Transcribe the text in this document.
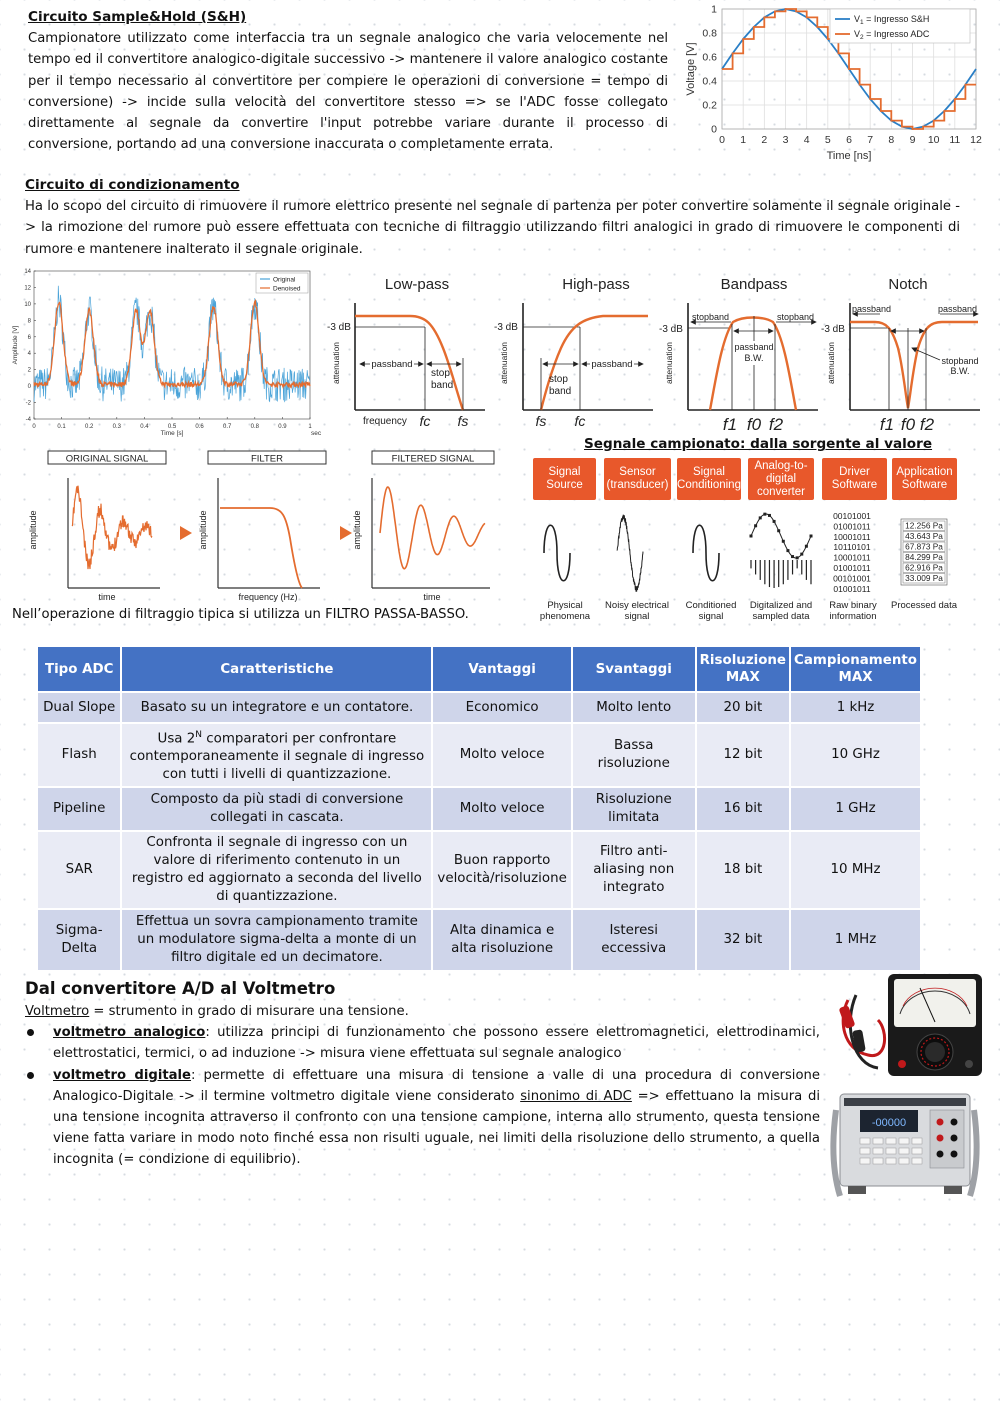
Circuito Sample&Hold (S&H)
Campionatore utilizzato come interfaccia tra un segnale analogico che varia velocemente nel tempo ed il convertitore analogico-digitale successivo -> mantenere il valore analogico costante per il tempo necessario al convertitore per compiere le operazioni di conversione = tempo di conversione) -> incide sulla velocità del convertitore stesso => se l'ADC fosse collegato direttamente al segnale da convertire l'input potrebbe variare durante il processo di conversione, portando ad una conversione inaccurata o completamente errata.	0 1 2 3 4 5 6 7 8 9 10 11 12
0
0.2
0.4
0.6
0.8
1
Time [ns]
Voltage [V]
$V_1$ = Ingresso S&H
$V_2$ = Ingresso ADC
Circuito di condizionamento
Ha lo scopo del circuito di rimuovere il rumore elettrico presente nel segnale di partenza per poter convertire solamente il segnale originale -> la rimozione del rumore può essere effettuata con tecniche di filtraggio utilizzando filtri analogici in grado di rimuovere le componenti di rumore e mantenere inalterato il segnale originale.
0	0.1	0.2	0.3	0.4	0.5	0.6	0.7	0.8	0.9	1
-4
-2
0
2
4
6
8
10
12
14
Time [s]	sec
Amplitude [V]
Original
Denoised	Low-pass
-3 dB
passband
stop
band
attenuation
frequency fc fs
High-pass
-3 dB
passband
stop
band
attenuation
fs fc
Bandpass
-3 dB
stopband	stopband
passband
B.W.
attenuation
f1 f0 f2
Notch
-3 dB
passband	passband
stopband
B.W.
attenuation
f1 f0 f2
ORIGINAL SIGNAL	FILTER	FILTERED SIGNAL
amplitude
time
amplitude
frequency (Hz)
amplitude
time
Nell’operazione di filtraggio tipica si utilizza un FILTRO PASSA-BASSO.
Segnale campionato: dalla sorgente al valore
Signal Source
Sensor (transducer)
Signal Conditioning
Analog-to-digital converter
Driver Software
Application Software
00101001
01001011
10001011
10110101
10001011
01001011
00101001
01001011
12.256 Pa
43.643 Pa
67.873 Pa
84.299 Pa
62.916 Pa
33.009 Pa
Physical phenomena
Noisy electrical signal
Conditioned signal
Digitalized and sampled data
Raw binary information
Processed data
Tipo ADC	Caratteristiche	Vantaggi	Svantaggi	Risoluzione MAX	Campionamento MAX
Dual Slope	Basato su un integratore e un contatore.	Economico	Molto lento	20 bit	1 kHz
Flash	Usa $2^N$ comparatori per confrontare contemporaneamente il segnale di ingresso con tutti i livelli di quantizzazione.	Molto veloce	Bassa risoluzione	12 bit	10 GHz
Pipeline	Composto da più stadi di conversione collegati in cascata.	Molto veloce	Risoluzione limitata	16 bit	1 GHz
SAR	Confronta il segnale di ingresso con un valore di riferimento contenuto in un registro ed aggiornato a seconda del livello di quantizzazione.	Buon rapporto velocità/risoluzione	Filtro anti-aliasing non integrato	18 bit	10 MHz
Sigma-Delta	Effettua un sovra campionamento tramite un modulatore sigma-delta a monte di un filtro digitale ed un decimatore.	Alta dinamica e alta risoluzione	Isteresi eccessiva	32 bit	1 MHz
Dal convertitore A/D al Voltmetro
Voltmetro = strumento in grado di misurare una tensione.
voltmetro analogico: utilizza principi di funzionamento che possono essere elettromagnetici, elettrodinamici, elettrostatici, termici, o ad induzione -> misura viene effettuata sul segnale analogico
voltmetro digitale: permette di effettuare una misura di tensione a valle di una procedura di conversione Analogico-Digitale -> il termine voltmetro digitale viene considerato sinonimo di ADC => effettuano la misura di una tensione incognita attraverso il confronto con una tensione campione, interna allo strumento, questa tensione viene fatta variare in modo noto finché essa non risulti uguale, nei limiti della risoluzione dello strumento, a quella incognita (= condizione di equilibrio).
-00000
